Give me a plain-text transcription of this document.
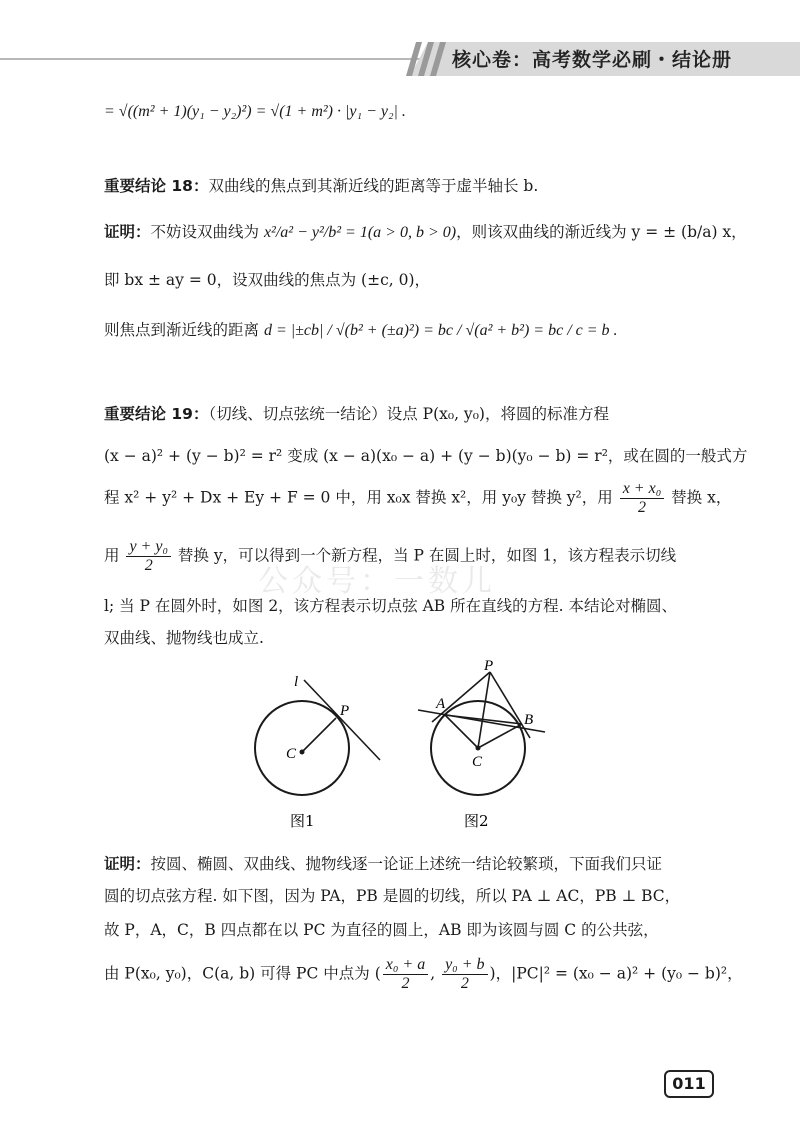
核心卷：高考数学必刷・结论册
= √((m² + 1)(y₁ − y₂)²) = √(1 + m²) · |y₁ − y₂| .
重要结论 18：双曲线的焦点到其渐近线的距离等于虚半轴长 b.
证明：不妨设双曲线为 x²/a² − y²/b² = 1(a > 0, b > 0)，则该双曲线的渐近线为 y = ± (b/a) x，
即 bx ± ay = 0，设双曲线的焦点为 (±c, 0)，
则焦点到渐近线的距离 d = |±cb| / √(b² + (±a)²) = bc / √(a² + b²) = bc / c = b .
重要结论 19：（切线、切点弦统一结论）设点 P(x₀, y₀)，将圆的标准方程
(x − a)² + (y − b)² = r² 变成 (x − a)(x₀ − a) + (y − b)(y₀ − b) = r²，或在圆的一般式方
程 x² + y² + Dx + Ey + F = 0 中，用 x₀x 替换 x²，用 y₀y 替换 y²，用 $\frac{\text{x + x₀}}{2}$ 替换 x，
用 $\frac{\text{y + y₀}}{2}$ 替换 y，可以得到一个新方程，当 P 在圆上时，如图 1，该方程表示切线
公众号：一数儿
l; 当 P 在圆外时，如图 2，该方程表示切点弦 AB 所在直线的方程. 本结论对椭圆、
双曲线、抛物线也成立.
l
P
C
P
A
B
C
图1	图2
证明：按圆、椭圆、双曲线、抛物线逐一论证上述统一结论较繁琐，下面我们只证
圆的切点弦方程. 如下图，因为 PA，PB 是圆的切线，所以 PA ⊥ AC，PB ⊥ BC，
故 P，A，C，B 四点都在以 PC 为直径的圆上，AB 即为该圆与圆 C 的公共弦，
由 P(x₀, y₀)，C(a, b) 可得 PC 中点为 ( $\frac{\text{x₀ + a}}{2}$ , $\frac{\text{y₀ + b}}{2}$ )，|PC|² = (x₀ − a)² + (y₀ − b)²，
011
